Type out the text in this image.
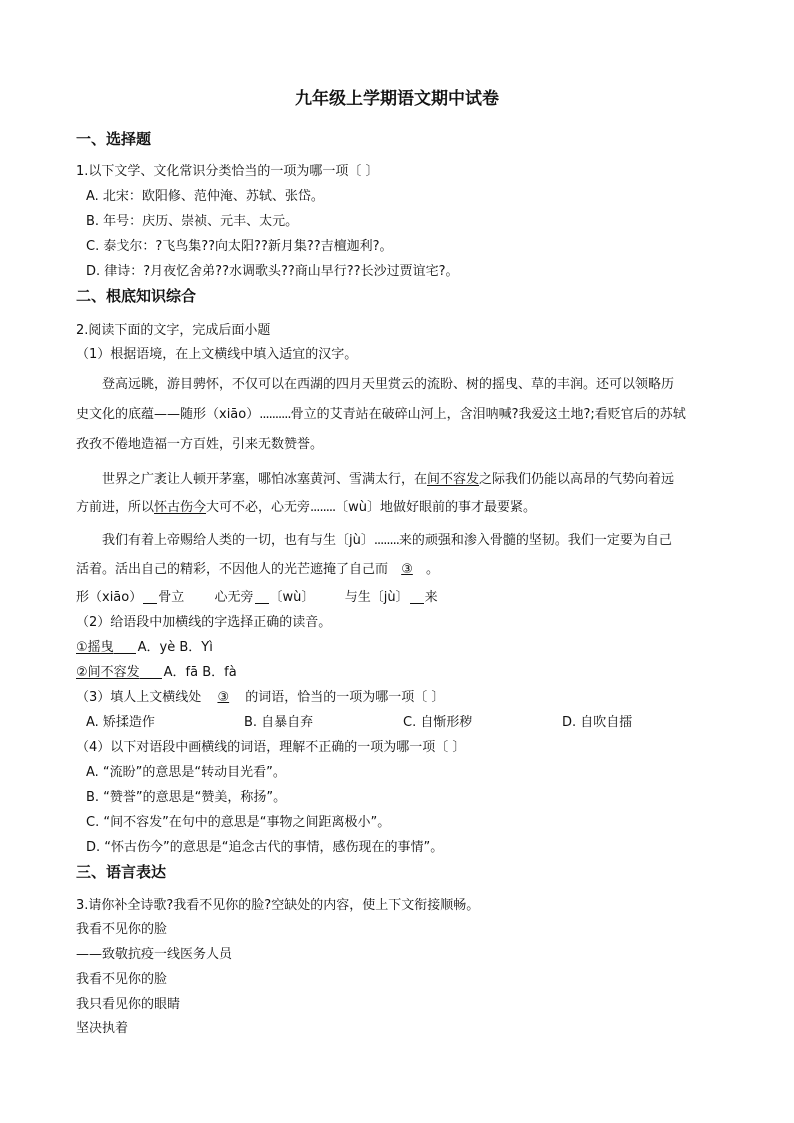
九年级上学期语文期中试卷
一、选择题
1.以下文学、文化常识分类恰当的一项为哪一项〔 〕
A. 北宋：欧阳修、范仲淹、苏轼、张岱。
B. 年号：庆历、崇祯、元丰、太元。
C. 泰戈尔：?飞鸟集??向太阳??新月集??吉檀迦利?。
D. 律诗：?月夜忆舍弟??水调歌头??商山早行??长沙过贾谊宅?。
二、根底知识综合
2.阅读下面的文字，完成后面小题
（1）根据语境，在上文横线中填入适宜的汉字。
登高远眺，游目骋怀，不仅可以在西湖的四月天里赏云的流盼、树的摇曳、草的丰润。还可以领略历
史文化的底蕴——随形（xiāo）..........骨立的艾青站在破碎山河上，含泪呐喊?我爱这土地?;看贬官后的苏轼
孜孜不倦地造福一方百姓，引来无数赞誉。
世界之广袤让人顿开茅塞，哪怕冰塞黄河、雪满太行，在间不容发之际我们仍能以高昂的气势向着远
方前进，所以怀古伤今大可不必，心无旁........〔wù〕地做好眼前的事才最要紧。
我们有着上帝赐给人类的一切，也有与生〔jù〕........来的顽强和渗入骨髓的坚韧。我们一定要为自己
活着。活出自己的精彩，不因他人的光芒遮掩了自己而 ③ 。
形（xiāo） 骨立 心无旁 〔wù〕 与生〔jù〕 来
（2）给语段中加横线的字选择正确的读音。
①摇曳 A．yè B．Yì
②间不容发 A．fā B．fà
（3）填人上文横线处 ③ 的词语，恰当的一项为哪一项〔 〕
A. 矫揉造作	B. 自暴自弃	C. 自惭形秽	D. 自吹自擂
（4）以下对语段中画横线的词语，理解不正确的一项为哪一项〔 〕
A. “流盼”的意思是“转动目光看”。
B. “赞誉”的意思是“赞美，称扬”。
C. “间不容发”在句中的意思是“事物之间距离极小”。
D. “怀古伤今”的意思是“追念古代的事情，感伤现在的事情”。
三、语言表达
3.请你补全诗歌?我看不见你的脸?空缺处的内容，使上下文衔接顺畅。
我看不见你的脸
——致敬抗疫一线医务人员
我看不见你的脸
我只看见你的眼睛
坚决执着
